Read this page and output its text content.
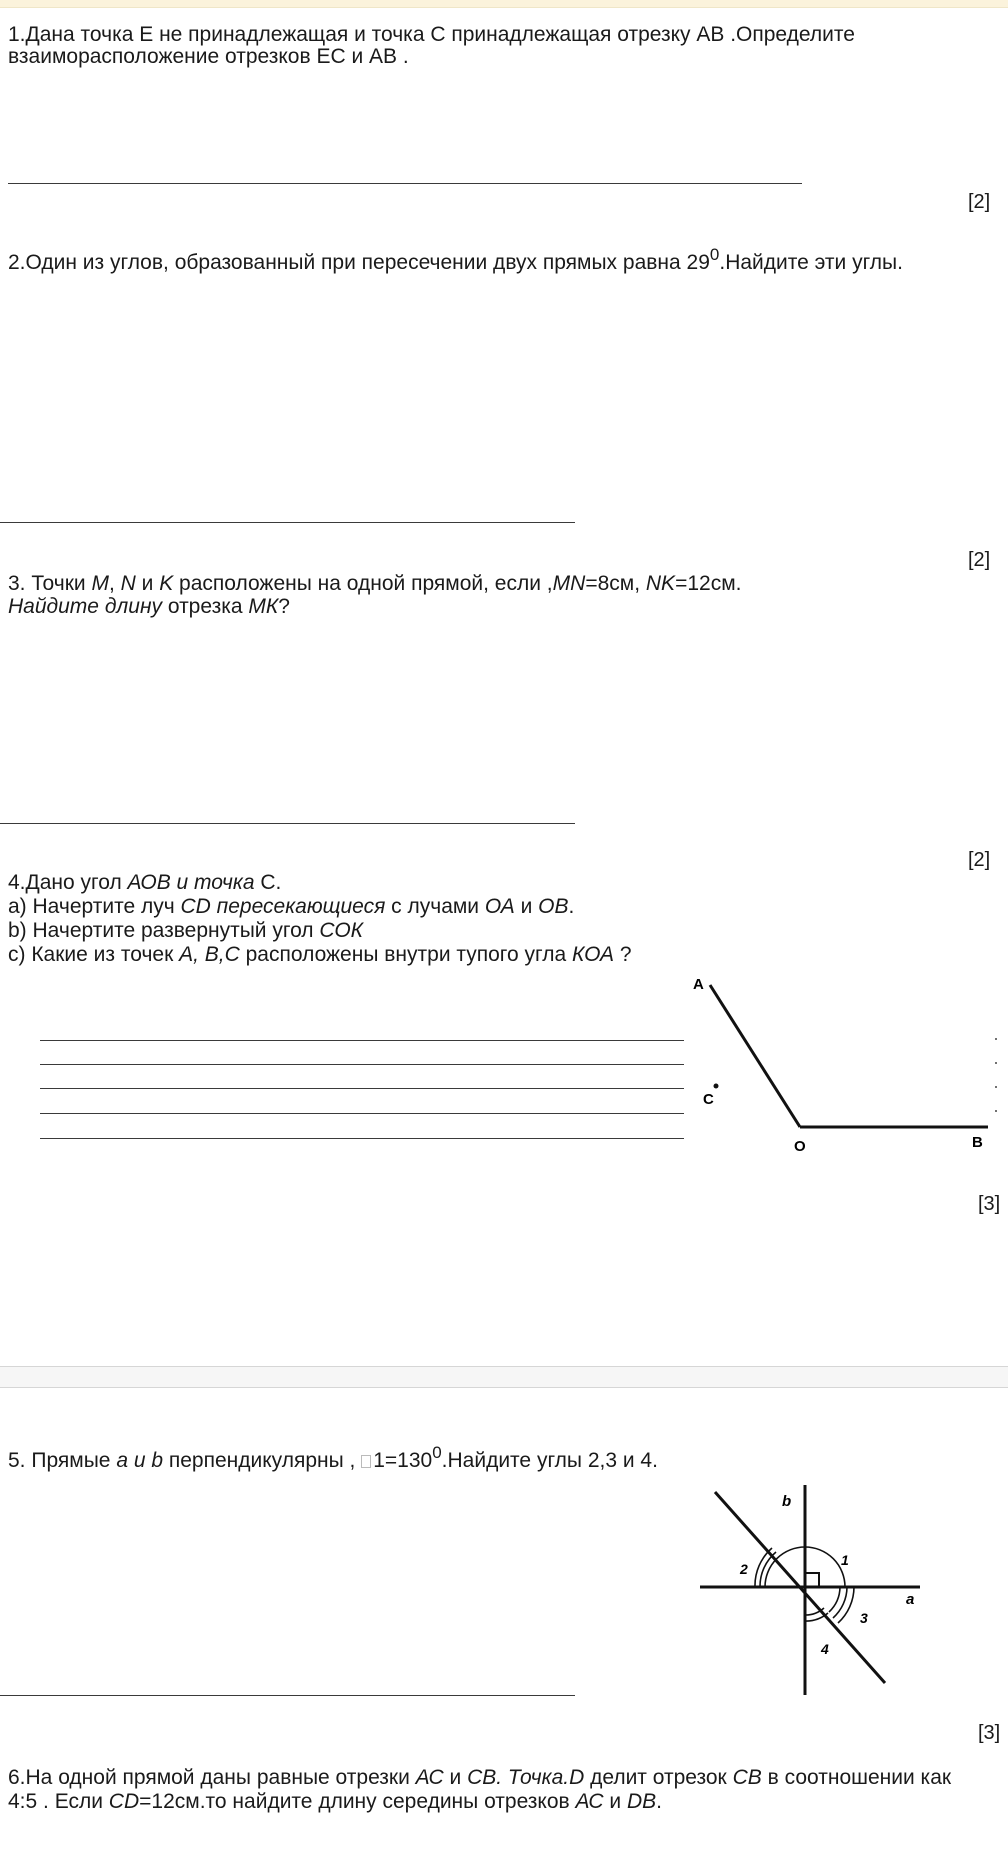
1.Дана точка Е не принадлежащая и точка С принадлежащая отрезку АВ .Определите
взаиморасположение отрезков ЕС и АВ .
[2]
2.Один из углов, образованный при пересечении двух прямых равна $29^0.Найдите$ эти углы.
[2]
3. Точки M, N и K расположены на одной прямой, если ,MN=8см, NK=12см.
Найдите длину отрезка МК?
[2]
4.Дано угол АОВ и точка С.
а) Начертите луч CD пересекающиеся с лучами ОА и ОВ.
b) Начертите развернутый угол СОК
c) Какие из точек А, В,С расположены внутри тупого угла КОА ?
A
O	B
C
[3]
5. Прямые а и b перпендикулярны , $1=130^0.Найдите$ углы 2,3 и 4.
b
a
1
2
3
4
[3]
6.На одной прямой даны равные отрезки АС и СВ. Точка.D делит отрезок СВ в соотношении как
4:5 . Если CD=12см.то найдите длину середины отрезков АС и DB.
